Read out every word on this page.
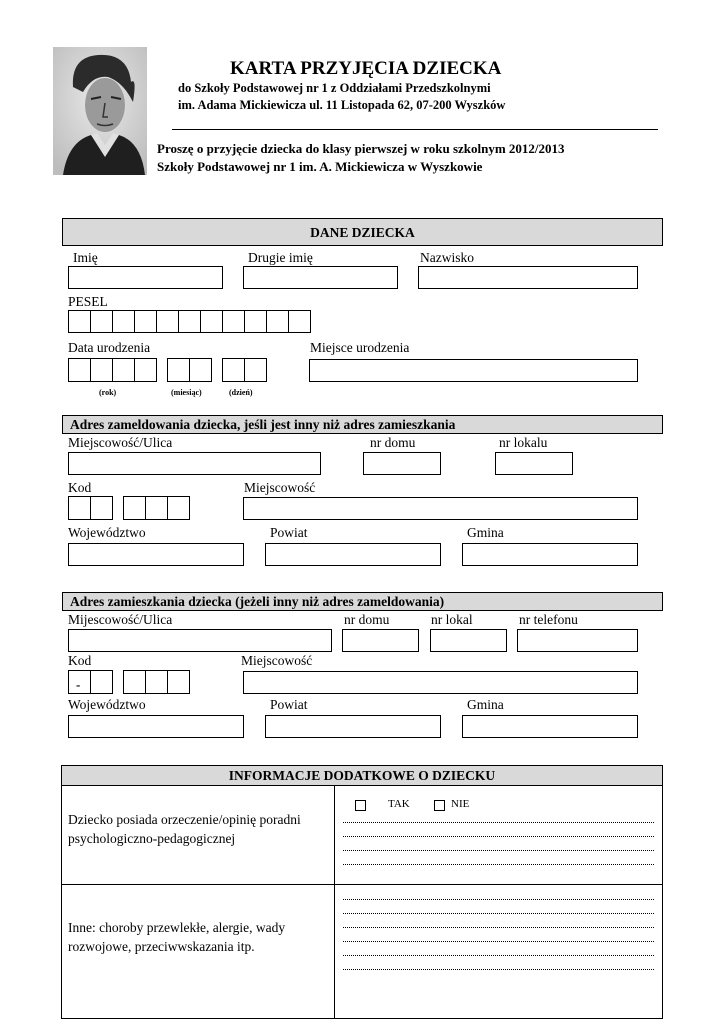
KARTA PRZYJĘCIA DZIECKA
do Szkoły Podstawowej nr 1 z Oddziałami Przedszkolnymi
im. Adama Mickiewicza ul. 11 Listopada 62, 07-200 Wyszków
Proszę o przyjęcie dziecka do klasy pierwszej w roku szkolnym 2012/2013
Szkoły Podstawowej nr 1 im. A. Mickiewicza w Wyszkowie
DANE DZIECKA
Imię	Drugie imię	Nazwisko
PESEL
Data urodzenia	Miejsce urodzenia
(rok)	(miesiąc)	(dzień)
Adres zameldowania dziecka, jeśli jest inny niż adres zamieszkania
Miejscowość/Ulica	nr domu	nr lokalu
Kod	Miejscowość
Województwo	Powiat	Gmina
Adres zamieszkania dziecka (jeżeli inny niż adres zameldowania)
Mijescowość/Ulica	nr domu	nr lokal	nr telefonu
Kod	Miejscowość
-
Województwo	Powiat	Gmina
INFORMACJE DODATKOWE O DZIECKU
Dziecko posiada orzeczenie/opinię poradni psychologiczno-pedagogicznej
TAK	NIE
Inne: choroby przewlekłe, alergie, wady rozwojowe, przeciwwskazania itp.
